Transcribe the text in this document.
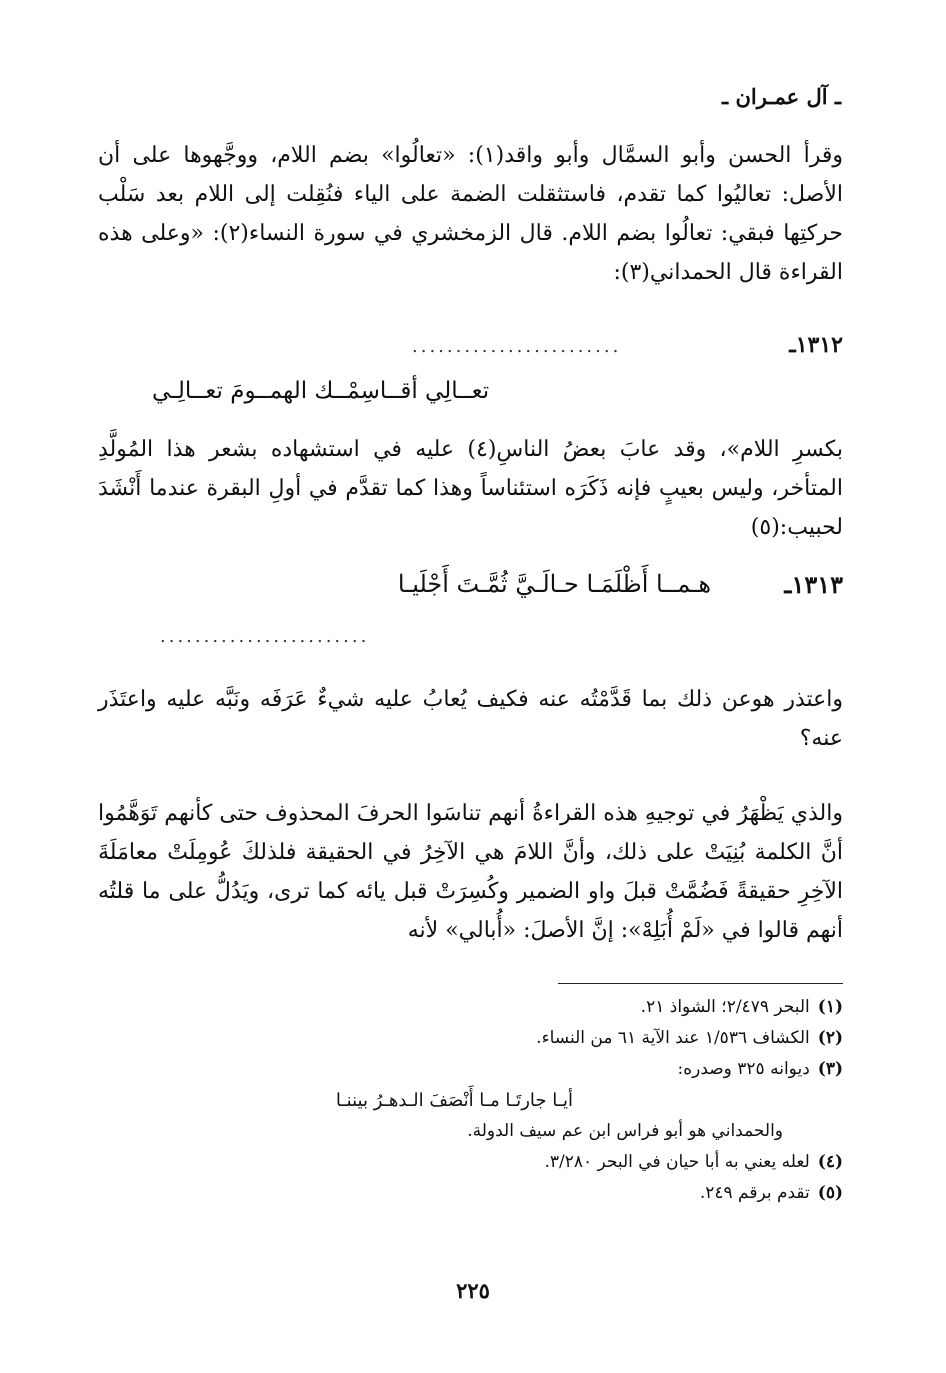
ـ آل عمـران ـ

وقرأ الحسن وأبو السمَّال وأبو واقد(١): «تعالُوا» بضم اللام، ووجَّهوها على أن الأصل: تعاليُوا كما تقدم، فاستثقلت الضمة على الياء فنُقِلت إلى اللام بعد سَلْب حركتِها فبقي: تعالُوا بضم اللام. قال الزمخشري في سورة النساء(٢): «وعلى هذه القراءة قال الحمداني(٣):

١٣١٢ـ
........................
تعــالِي أقــاسِمْــك الهمــومَ تعــالِـي

بكسرِ اللام»، وقد عابَ بعضُ الناسِ(٤) عليه في استشهاده بشعر هذا المُولَّدِ المتأخر، وليس بعيبٍ فإنه ذَكَرَه استئناساً وهذا كما تقدَّم في أولِ البقرة عندما أَنْشَدَ لحبيب:(٥)

١٣١٣ـ
هـمــا أَظْلَمَـا حـالَـيَّ ثُمَّـتَ أَجْلَيـا
........................

واعتذر هوعن ذلك بما قَدَّمْتُه عنه فكيف يُعابُ عليه شيءٌ عَرَفَه ونَبَّه عليه واعتَذَر عنه؟

والذي يَظْهَرُ في توجيهِ هذه القراءةُ أنهم تناسَوا الحرفَ المحذوف حتى كأنهم تَوَهَّمُوا أنَّ الكلمة بُنِيَتْ على ذلك، وأنَّ اللامَ هي الآخِرُ في الحقيقة فلذلكَ عُومِلَتْ معامَلَةَ الآخِرِ حقيقةً فَضُمَّتْ قبلَ واو الضمير وكُسِرَتْ قبل يائه كما ترى، ويَدُلُّ على ما قلتُه أنهم قالوا في «لَمْ أُبَلِهْ»: إنَّ الأصلَ: «أُبالي» لأنه

(١)البحر ٢/٤٧٩؛ الشواذ ٢١.

(٢)الكشاف ١/٥٣٦ عند الآية ٦١ من النساء.

(٣)ديوانه ٣٢٥ وصدره:

أيـا جارتَـا مـا أَنْصَفَ الـدهـرُ بيننـا

والحمداني هو أبو فراس ابن عم سيف الدولة.

(٤)لعله يعني به أبا حيان في البحر ٣/٢٨٠.

(٥)تقدم برقم ٢٤٩.

٢٢٥
